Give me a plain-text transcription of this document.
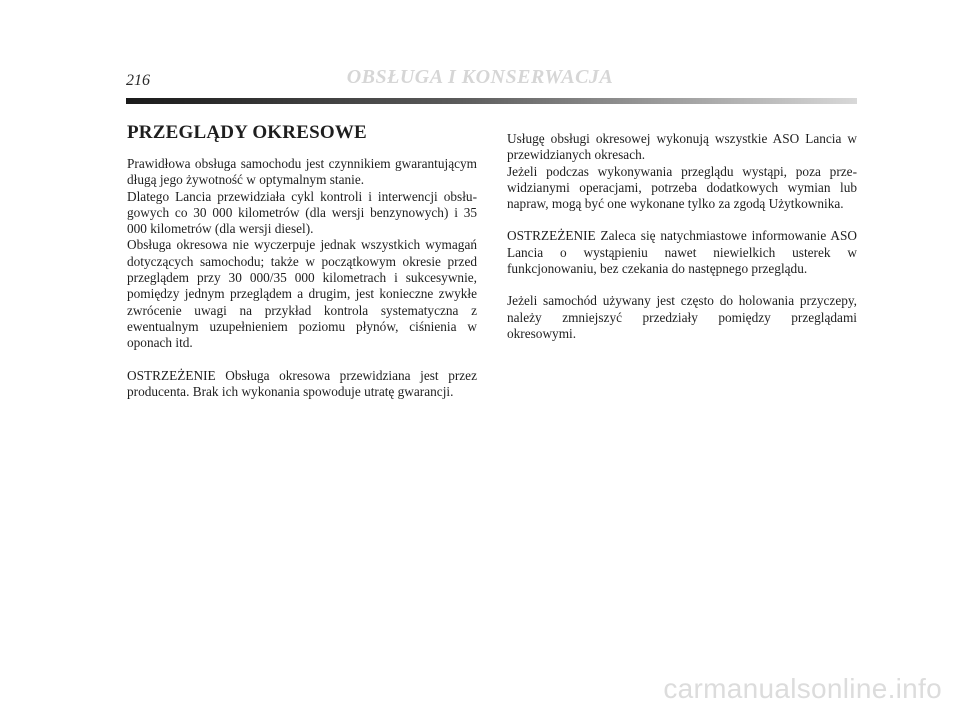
216	OBSŁUGA I KONSERWACJA
PRZEGLĄDY OKRESOWE

Prawidłowa obsługa samochodu jest czynnikiem gwarantującym długą jego żywotność w optymalnym stanie.

Dlatego Lancia przewidziała cykl kontroli i interwencji obsługowych co 30 000 kilometrów (dla wersji benzynowych) i 35 000 kilometrów (dla wersji diesel).

Obsługa okresowa nie wyczerpuje jednak wszystkich wymagań dotyczących samochodu; także w początkowym okresie przed przeglądem przy 30 000/35 000 kilometrach i sukcesywnie, pomiędzy jednym przeglądem a drugim, jest konieczne zwykłe zwrócenie uwagi na przykład kontrola systematyczna z ewentualnym uzupełnieniem poziomu płynów, ciśnienia w oponach itd.

OSTRZEŻENIE Obsługa okresowa przewidziana jest przez producenta. Brak ich wykonania spowoduje utratę gwarancji.

Usługę obsługi okresowej wykonują wszystkie ASO Lancia w przewidzianych okresach.

Jeżeli podczas wykonywania przeglądu wystąpi, poza przewidzianymi operacjami, potrzeba dodatkowych wymian lub napraw, mogą być one wykonane tylko za zgodą Użytkownika.

OSTRZEŻENIE Zaleca się natychmiastowe informowanie ASO Lancia o wystąpieniu nawet niewielkich usterek w funkcjonowaniu, bez czekania do następnego przeglądu.

Jeżeli samochód używany jest często do holowania przyczepy, należy zmniejszyć przedziały pomiędzy przeglądami okresowymi.

carmanualsonline.info
